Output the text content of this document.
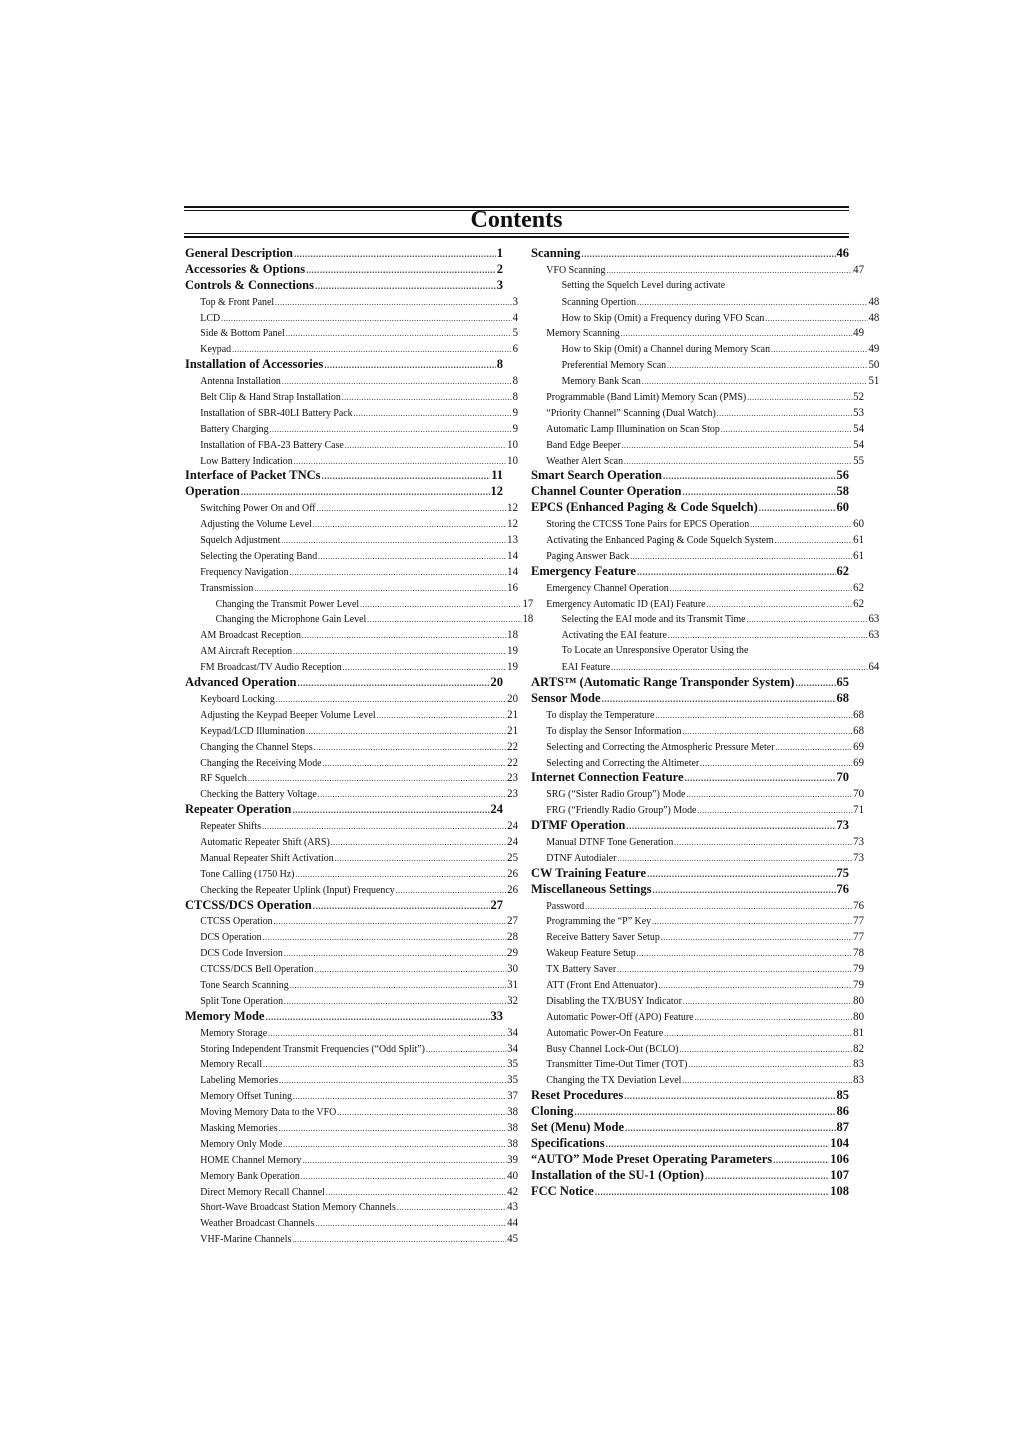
Contents
General Description .....	1
Accessories & Options .....	2
Controls & Connections .....	3
Top & Front Panel .....	3
LCD .....	4
Side & Bottom Panel .....	5
Keypad .....	6
Installation of Accessories .....	8
Antenna Installation .....	8
Belt Clip & Hand Strap Installation .....	8
Installation of SBR-40LI Battery Pack .....	9
Battery Charging .....	9
Installation of FBA-23 Battery Case .....	10
Low Battery Indication .....	10
Interface of Packet TNCs .....	11
Operation .....	12
Switching Power On and Off .....	12
Adjusting the Volume Level .....	12
Squelch Adjustment .....	13
Selecting the Operating Band .....	14
Frequency Navigation .....	14
Transmission .....	16
Changing the Transmit Power Level .....	17
Changing the Microphone Gain Level .....	18
AM Broadcast Reception .....	18
AM Aircraft Reception .....	19
FM Broadcast/TV Audio Reception .....	19
Advanced Operation .....	20
Keyboard Locking .....	20
Adjusting the Keypad Beeper Volume Level .....	21
Keypad/LCD Illumination .....	21
Changing the Channel Steps .....	22
Changing the Receiving Mode .....	22
RF Squelch .....	23
Checking the Battery Voltage .....	23
Repeater Operation .....	24
Repeater Shifts .....	24
Automatic Repeater Shift (ARS) .....	24
Manual Repeater Shift Activation .....	25
Tone Calling (1750 Hz) .....	26
Checking the Repeater Uplink (Input) Frequency .....	26
CTCSS/DCS Operation .....	27
CTCSS Operation .....	27
DCS Operation .....	28
DCS Code Inversion .....	29
CTCSS/DCS Bell Operation .....	30
Tone Search Scanning .....	31
Split Tone Operation .....	32
Memory Mode .....	33
Memory Storage .....	34
Storing Independent Transmit Frequencies (“Odd Split”) .....	34
Memory Recall .....	35
Labeling Memories .....	35
Memory Offset Tuning .....	37
Moving Memory Data to the VFO .....	38
Masking Memories .....	38
Memory Only Mode .....	38
HOME Channel Memory .....	39
Memory Bank Operation .....	40
Direct Memory Recall Channel .....	42
Short-Wave Broadcast Station Memory Channels .....	43
Weather Broadcast Channels .....	44
VHF-Marine Channels .....	45
Scanning .....	46
VFO Scanning .....	47
Setting the Squelch Level during activate
Scanning Opertion .....	48
How to Skip (Omit) a Frequency during VFO Scan .....	48
Memory Scanning .....	49
How to Skip (Omit) a Channel during Memory Scan .....	49
Preferential Memory Scan .....	50
Memory Bank Scan .....	51
Programmable (Band Limit) Memory Scan (PMS) .....	52
“Priority Channel” Scanning (Dual Watch) .....	53
Automatic Lamp Illumination on Scan Stop .....	54
Band Edge Beeper .....	54
Weather Alert Scan .....	55
Smart Search Operation .....	56
Channel Counter Operation .....	58
EPCS (Enhanced Paging & Code Squelch) .....	60
Storing the CTCSS Tone Pairs for EPCS Operation .....	60
Activating the Enhanced Paging & Code Squelch System .....	61
Paging Answer Back .....	61
Emergency Feature .....	62
Emergency Channel Operation .....	62
Emergency Automatic ID (EAI) Feature .....	62
Selecting the EAI mode and its Transmit Time .....	63
Activating the EAI feature .....	63
To Locate an Unresponsive Operator Using the
EAI Feature .....	64
ARTS™ (Automatic Range Transponder System) .....	65
Sensor Mode .....	68
To display the Temperature .....	68
To display the Sensor Information .....	68
Selecting and Correcting the Atmospheric Pressure Meter .....	69
Selecting and Correcting the Altimeter .....	69
Internet Connection Feature .....	70
SRG (“Sister Radio Group”) Mode .....	70
FRG (“Friendly Radio Group”) Mode .....	71
DTMF Operation .....	73
Manual DTNF Tone Generation .....	73
DTNF Autodialer .....	73
CW Training Feature .....	75
Miscellaneous Settings .....	76
Password .....	76
Programming the “P” Key .....	77
Receive Battery Saver Setup .....	77
Wakeup Feature Setup .....	78
TX Battery Saver .....	79
ATT (Front End Attenuator) .....	79
Disabling the TX/BUSY Indicator .....	80
Automatic Power-Off (APO) Feature .....	80
Automatic Power-On Feature .....	81
Busy Channel Lock-Out (BCLO) .....	82
Transmitter Time-Out Timer (TOT) .....	83
Changing the TX Deviation Level .....	83
Reset Procedures .....	85
Cloning .....	86
Set (Menu) Mode .....	87
Specifications .....	104
“AUTO” Mode Preset Operating Parameters .....	106
Installation of the SU-1 (Option) .....	107
FCC Notice .....	108
